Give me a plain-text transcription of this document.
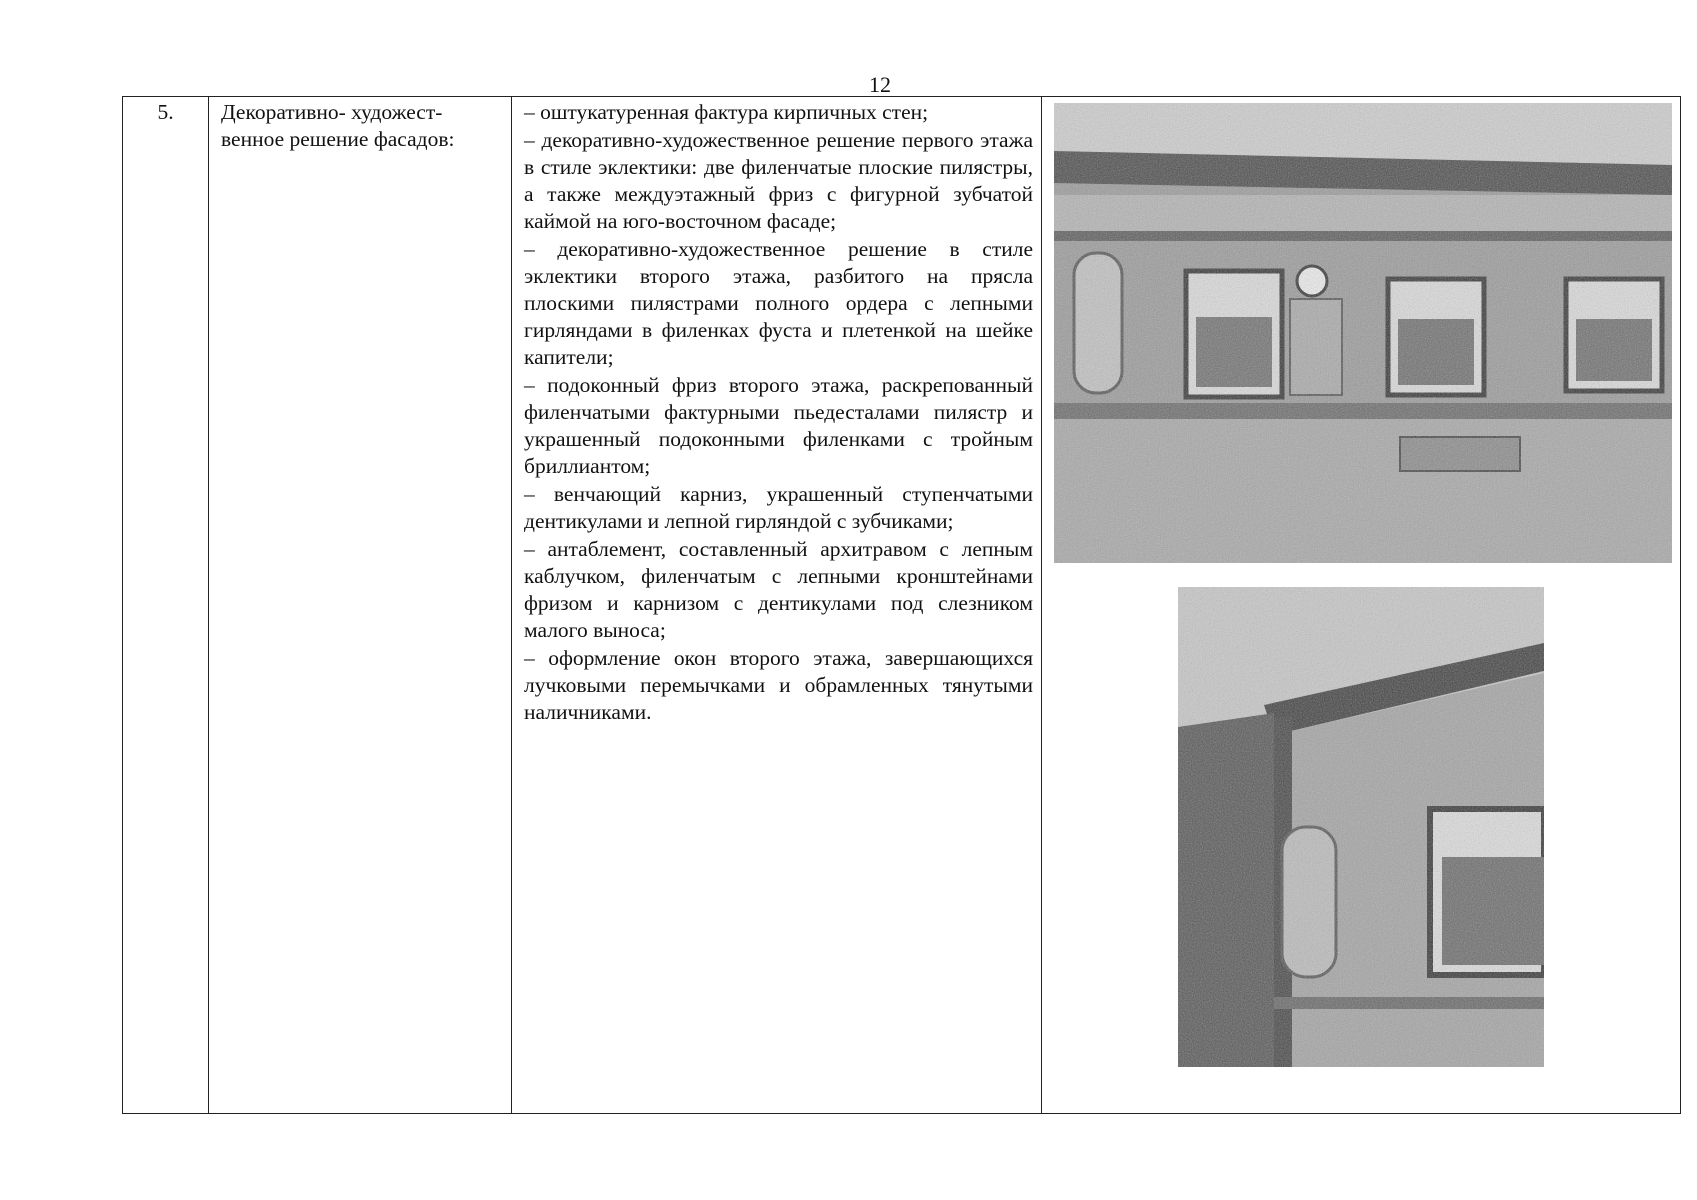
12
5.	Декоративно- художест-венное решение фасадов:	
– оштукатуренная фактура кирпичных стен;
– декоративно-художественное решение первого этажа в стиле эклектики: две филенчатые плоские пилястры, а также междуэтажный фриз с фигурной зубчатой каймой на юго-восточном фасаде;
– декоративно-художественное решение в стиле эклектики второго этажа, разбитого на прясла плоскими пилястрами полного ордера с лепными гирляндами в филенках фуста и плетенкой на шейке капители;
– подоконный фриз второго этажа, раскрепованный филенчатыми фактурными пьедесталами пилястр и украшенный подоконными филенками с тройным бриллиантом;
– венчающий карниз, украшенный ступенчатыми дентикулами и лепной гирляндой с зубчиками;
– антаблемент, составленный архитравом с лепным каблучком, филенчатым с лепными кронштейнами фризом и карнизом с дентикулами под слезником малого выноса;
– оформление окон второго этажа, завершающихся лучковыми перемычками и обрамленных тянутыми наличниками.
